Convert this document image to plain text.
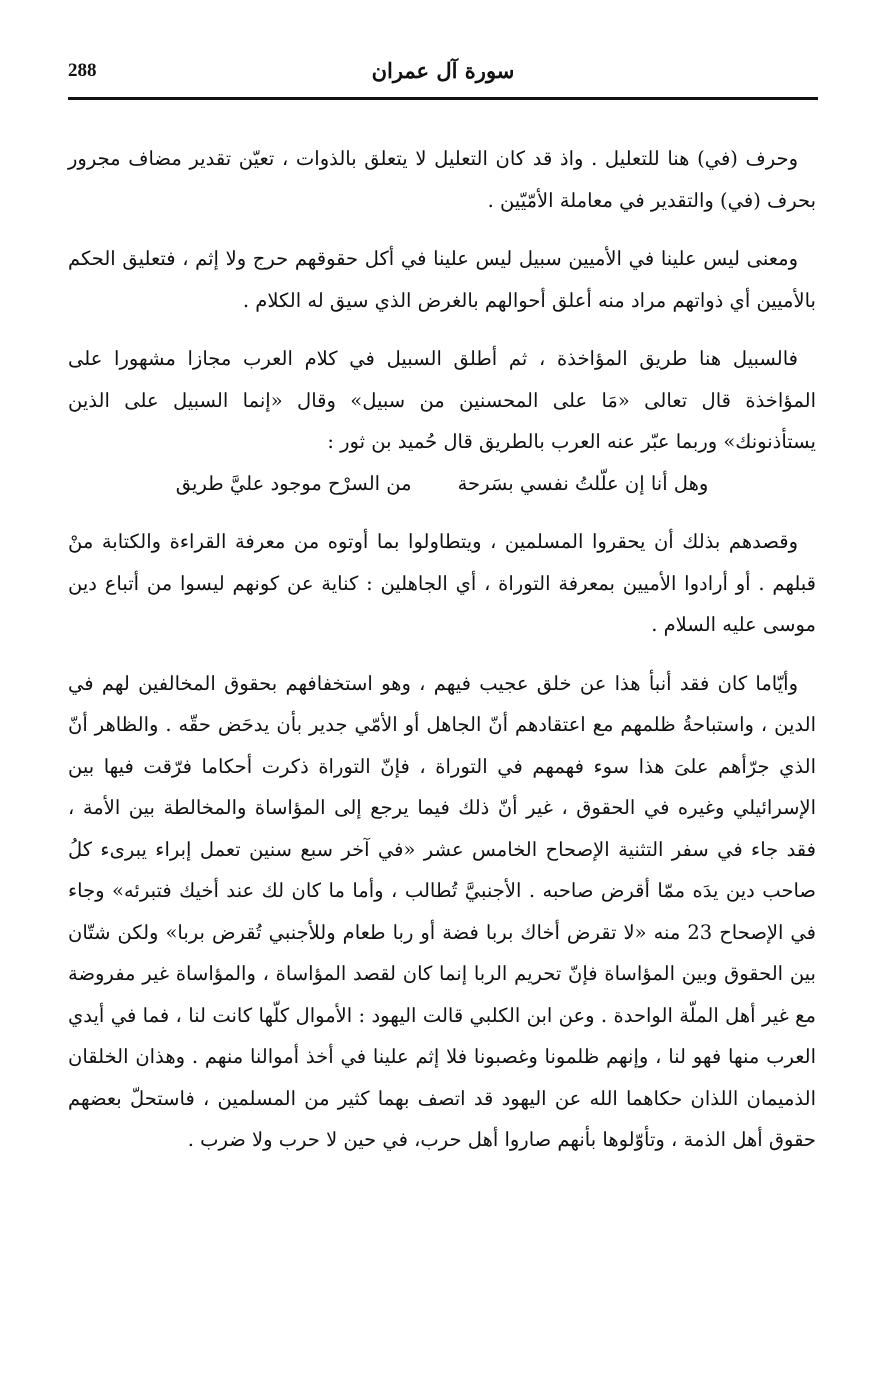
288	سورة آل عمران

وحرف (في) هنا للتعليل . واذ قد كان التعليل لا يتعلق بالذوات ، تعيّن تقدير مضاف مجرور بحرف (في) والتقدير في معاملة الأمّيّين .

ومعنى ليس علينا في الأميين سبيل ليس علينا في أكل حقوقهم حرج ولا إثم ، فتعليق الحكم بالأميين أي ذواتهم مراد منه أعلق أحوالهم بالغرض الذي سيق له الكلام .

فالسبيل هنا طريق المؤاخذة ، ثم أطلق السبيل في كلام العرب مجازا مشهورا على المؤاخذة قال تعالى «مَا على المحسنين من سبيل» وقال «إنما السبيل على الذين يستأذنونك» وربما عبّر عنه العرب بالطريق قال حُميد بن ثور :

وهل أنا إن علّلتُ نفسي بسَرحة
من السرْح موجود عليَّ طريق

وقصدهم بذلك أن يحقروا المسلمين ، ويتطاولوا بما أوتوه من معرفة القراءة والكتابة منْ قبلهم . أو أرادوا الأميين بمعرفة التوراة ، أي الجاهلين : كناية عن كونهم ليسوا من أتباع دين موسى عليه السلام .

وأيّاما كان فقد أنبأ هذا عن خلق عجيب فيهم ، وهو استخفافهم بحقوق المخالفين لهم في الدين ، واستباحةُ ظلمهم مع اعتقادهم أنّ الجاهل أو الأمّي جدير بأن يدحَض حقّه . والظاهر أنّ الذي جرّأهم علىَ هذا سوء فهمهم في التوراة ، فإنّ التوراة ذكرت أحكاما فرّقت فيها بين الإسرائيلي وغيره في الحقوق ، غير أنّ ذلك فيما يرجع إلى المؤاساة والمخالطة بين الأمة ، فقد جاء في سفر التثنية الإصحاح الخامس عشر «في آخر سبع سنين تعمل إبراء يبرىء كلُ صاحب دين يدَه ممّا أقرض صاحبه . الأجنبيَّ تُطالب ، وأما ما كان لك عند أخيك فتبرئه» وجاء في الإصحاح 23 منه «لا تقرض أخاك بربا فضة أو ربا طعام وللأجنبي تُقرض بربا» ولكن شتّان بين الحقوق وبين المؤاساة فإنّ تحريم الربا إنما كان لقصد المؤاساة ، والمؤاساة غير مفروضة مع غير أهل الملّة الواحدة . وعن ابن الكلبي قالت اليهود : الأموال كلّها كانت لنا ، فما في أيدي العرب منها فهو لنا ، وإنهم ظلمونا وغصبونا فلا إثم علينا في أخذ أموالنا منهم . وهذان الخلقان الذميمان اللذان حكاهما الله عن اليهود قد اتصف بهما كثير من المسلمين ، فاستحلّ بعضهم حقوق أهل الذمة ، وتأوّلوها بأنهم صاروا أهل حرب، في حين لا حرب ولا ضرب .
